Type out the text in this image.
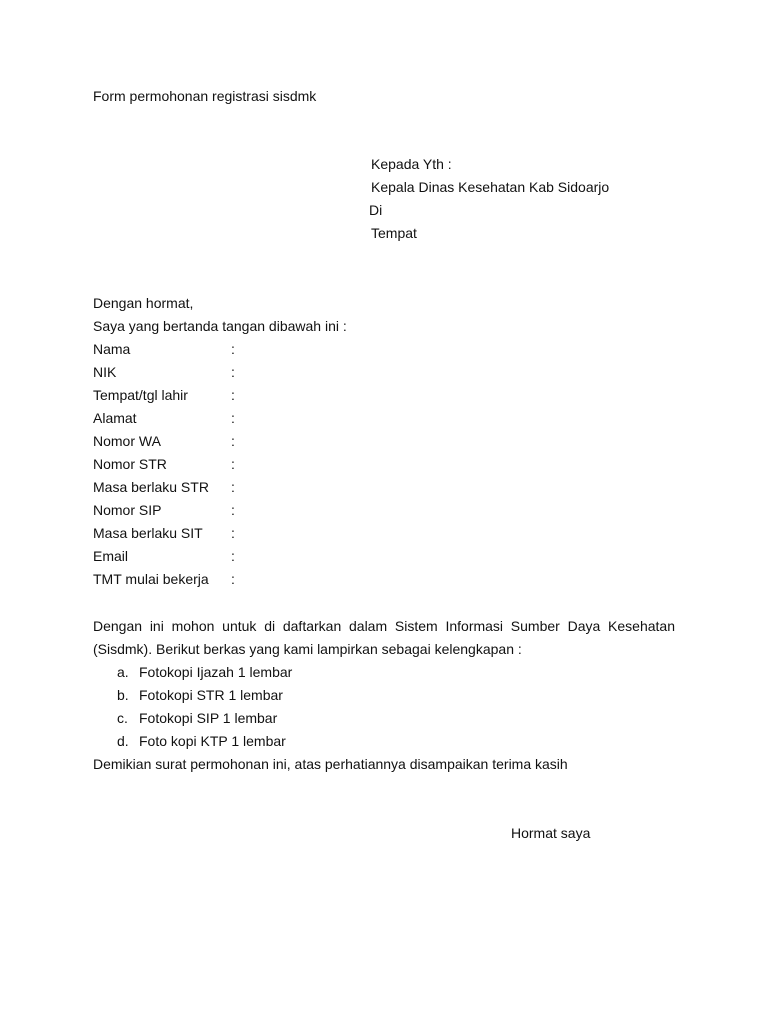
Form permohonan registrasi sisdmk
Kepada Yth :
Kepala Dinas Kesehatan Kab Sidoarjo
Di
Tempat
Dengan hormat,
Saya yang bertanda tangan dibawah ini :
Nama	:
NIK	:
Tempat/tgl lahir	:
Alamat	:
Nomor WA	:
Nomor STR	:
Masa berlaku STR	:
Nomor SIP	:
Masa berlaku SIT	:
Email	:
TMT mulai bekerja	:
Dengan ini mohon untuk di daftarkan dalam Sistem Informasi Sumber Daya Kesehatan
(Sisdmk). Berikut berkas yang kami lampirkan sebagai kelengkapan :
a. Fotokopi Ijazah 1 lembar
b. Fotokopi STR 1 lembar
c. Fotokopi SIP 1 lembar
d. Foto kopi KTP 1 lembar
Demikian surat permohonan ini, atas perhatiannya disampaikan terima kasih
Hormat saya
